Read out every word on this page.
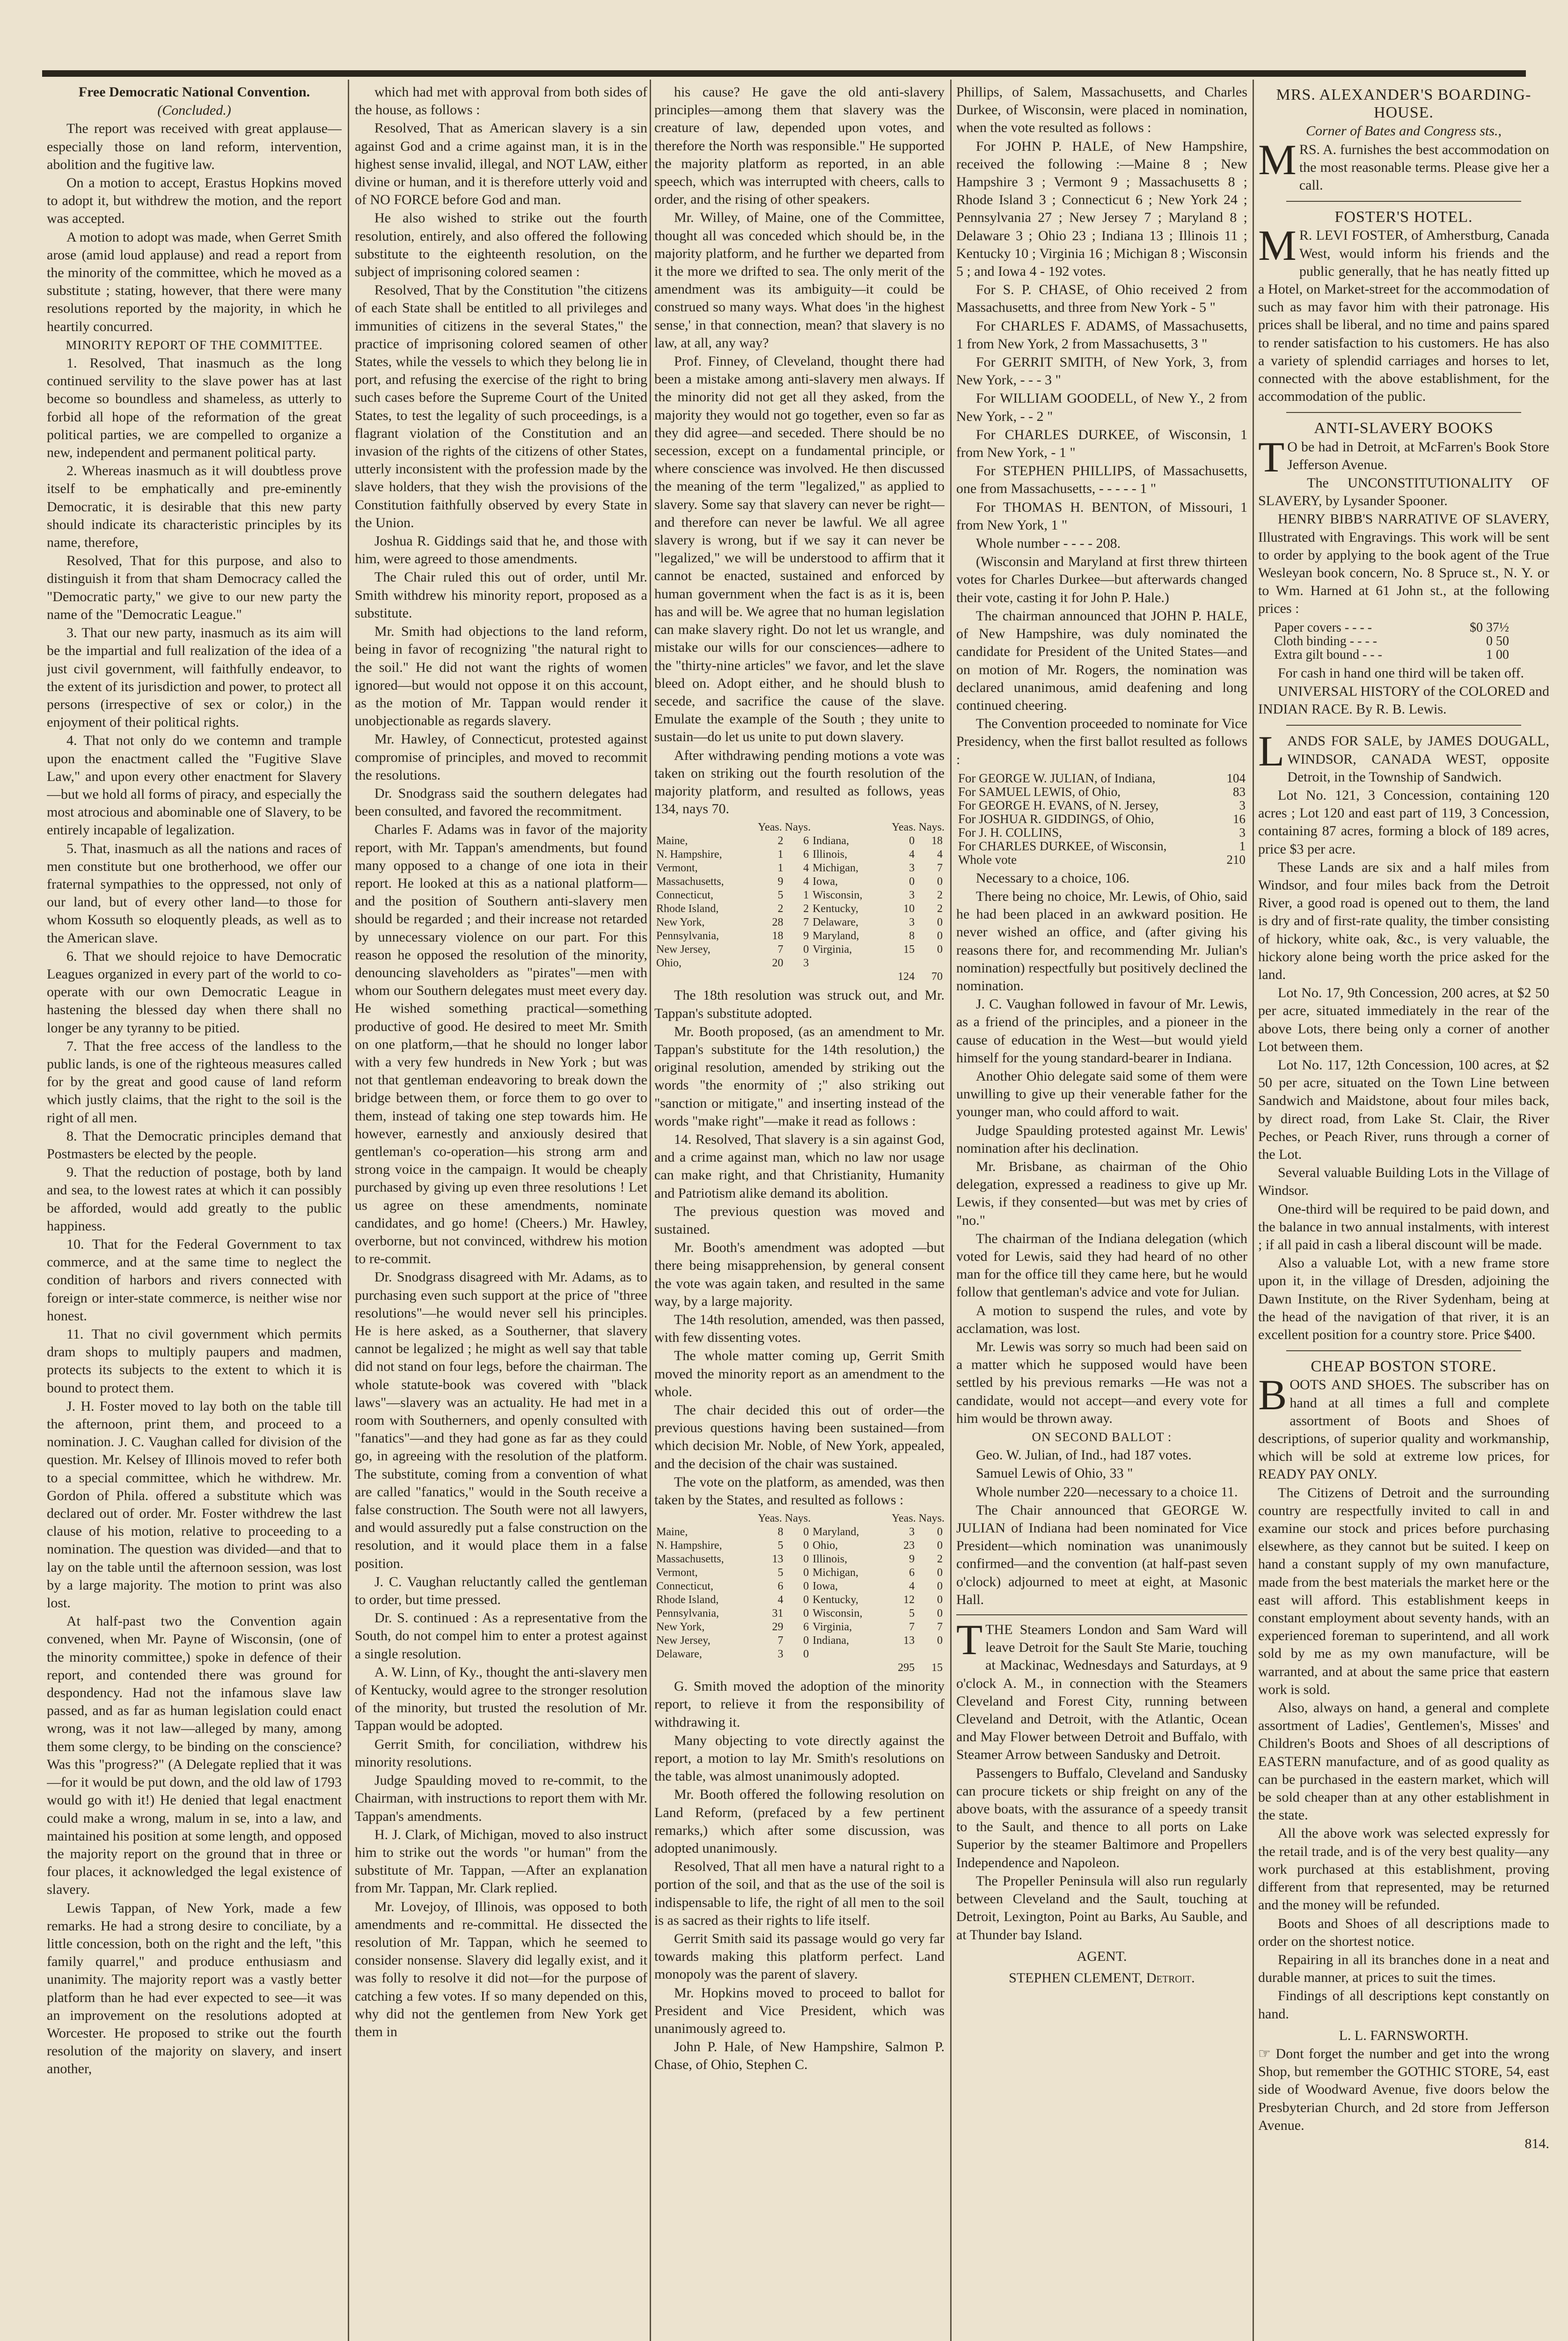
Free Democratic National Convention.

(Concluded.)

The report was received with great applause—especially those on land reform, intervention, abolition and the fugitive law.

On a motion to accept, Erastus Hopkins moved to adopt it, but withdrew the motion, and the report was accepted.

A motion to adopt was made, when Gerret Smith arose (amid loud applause) and read a report from the minority of the committee, which he moved as a substitute ; stating, however, that there were many resolutions reported by the majority, in which he heartily concurred.

MINORITY REPORT OF THE COMMITTEE.

1. Resolved, That inasmuch as the long continued servility to the slave power has at last become so boundless and shameless, as utterly to forbid all hope of the reformation of the great political parties, we are compelled to organize a new, independent and permanent political party.

2. Whereas inasmuch as it will doubtless prove itself to be emphatically and pre-eminently Democratic, it is desirable that this new party should indicate its characteristic principles by its name, therefore,

Resolved, That for this purpose, and also to distinguish it from that sham Democracy called the "Democratic party," we give to our new party the name of the "Democratic League."

3. That our new party, inasmuch as its aim will be the impartial and full realization of the idea of a just civil government, will faithfully endeavor, to the extent of its jurisdiction and power, to protect all persons (irrespective of sex or color,) in the enjoyment of their political rights.

4. That not only do we contemn and trample upon the enactment called the "Fugitive Slave Law," and upon every other enactment for Slavery—but we hold all forms of piracy, and especially the most atrocious and abominable one of Slavery, to be entirely incapable of legalization.

5. That, inasmuch as all the nations and races of men constitute but one brotherhood, we offer our fraternal sympathies to the oppressed, not only of our land, but of every other land—to those for whom Kossuth so eloquently pleads, as well as to the American slave.

6. That we should rejoice to have Democratic Leagues organized in every part of the world to co-operate with our own Democratic League in hastening the blessed day when there shall no longer be any tyranny to be pitied.

7. That the free access of the landless to the public lands, is one of the righteous measures called for by the great and good cause of land reform which justly claims, that the right to the soil is the right of all men.

8. That the Democratic principles demand that Postmasters be elected by the people.

9. That the reduction of postage, both by land and sea, to the lowest rates at which it can possibly be afforded, would add greatly to the public happiness.

10. That for the Federal Government to tax commerce, and at the same time to neglect the condition of harbors and rivers connected with foreign or inter-state commerce, is neither wise nor honest.

11. That no civil government which permits dram shops to multiply paupers and madmen, protects its subjects to the extent to which it is bound to protect them.

J. H. Foster moved to lay both on the table till the afternoon, print them, and proceed to a nomination. J. C. Vaughan called for division of the question. Mr. Kelsey of Illinois moved to refer both to a special committee, which he withdrew. Mr. Gordon of Phila. offered a substitute which was declared out of order. Mr. Foster withdrew the last clause of his motion, relative to proceeding to a nomination. The question was divided—and that to lay on the table until the afternoon session, was lost by a large majority. The motion to print was also lost.

At half-past two the Convention again convened, when Mr. Payne of Wisconsin, (one of the minority committee,) spoke in defence of their report, and contended there was ground for despondency. Had not the infamous slave law passed, and as far as human legislation could enact wrong, was it not law—alleged by many, among them some clergy, to be binding on the conscience? Was this "progress?" (A Delegate replied that it was—for it would be put down, and the old law of 1793 would go with it!) He denied that legal enactment could make a wrong, malum in se, into a law, and maintained his position at some length, and opposed the majority report on the ground that in three or four places, it acknowledged the legal existence of slavery.

Lewis Tappan, of New York, made a few remarks. He had a strong desire to conciliate, by a little concession, both on the right and the left, "this family quarrel," and produce enthusiasm and unanimity. The majority report was a vastly better platform than he had ever expected to see—it was an improvement on the resolutions adopted at Worcester. He proposed to strike out the fourth resolution of the majority on slavery, and insert another,

which had met with approval from both sides of the house, as follows :

Resolved, That as American slavery is a sin against God and a crime against man, it is in the highest sense invalid, illegal, and NOT LAW, either divine or human, and it is therefore utterly void and of NO FORCE before God and man.

He also wished to strike out the fourth resolution, entirely, and also offered the following substitute to the eighteenth resolution, on the subject of imprisoning colored seamen :

Resolved, That by the Constitution "the citizens of each State shall be entitled to all privileges and immunities of citizens in the several States," the practice of imprisoning colored seamen of other States, while the vessels to which they belong lie in port, and refusing the exercise of the right to bring such cases before the Supreme Court of the United States, to test the legality of such proceedings, is a flagrant violation of the Constitution and an invasion of the rights of the citizens of other States, utterly inconsistent with the profession made by the slave holders, that they wish the provisions of the Constitution faithfully observed by every State in the Union.

Joshua R. Giddings said that he, and those with him, were agreed to those amendments.

The Chair ruled this out of order, until Mr. Smith withdrew his minority report, proposed as a substitute.

Mr. Smith had objections to the land reform, being in favor of recognizing "the natural right to the soil." He did not want the rights of women ignored—but would not oppose it on this account, as the motion of Mr. Tappan would render it unobjectionable as regards slavery.

Mr. Hawley, of Connecticut, protested against compromise of principles, and moved to recommit the resolutions.

Dr. Snodgrass said the southern delegates had been consulted, and favored the recommitment.

Charles F. Adams was in favor of the majority report, with Mr. Tappan's amendments, but found many opposed to a change of one iota in their report. He looked at this as a national platform—and the position of Southern anti-slavery men should be regarded ; and their increase not retarded by unnecessary violence on our part. For this reason he opposed the resolution of the minority, denouncing slaveholders as "pirates"—men with whom our Southern delegates must meet every day. He wished something practical—something productive of good. He desired to meet Mr. Smith on one platform,—that he should no longer labor with a very few hundreds in New York ; but was not that gentleman endeavoring to break down the bridge between them, or force them to go over to them, instead of taking one step towards him. He however, earnestly and anxiously desired that gentleman's co-operation—his strong arm and strong voice in the campaign. It would be cheaply purchased by giving up even three resolutions ! Let us agree on these amendments, nominate candidates, and go home! (Cheers.) Mr. Hawley, overborne, but not convinced, withdrew his motion to re-commit.

Dr. Snodgrass disagreed with Mr. Adams, as to purchasing even such support at the price of "three resolutions"—he would never sell his principles. He is here asked, as a Southerner, that slavery cannot be legalized ; he might as well say that table did not stand on four legs, before the chairman. The whole statute-book was covered with "black laws"—slavery was an actuality. He had met in a room with Southerners, and openly consulted with "fanatics"—and they had gone as far as they could go, in agreeing with the resolution of the platform. The substitute, coming from a convention of what are called "fanatics," would in the South receive a false construction. The South were not all lawyers, and would assuredly put a false construction on the resolution, and it would place them in a false position.

J. C. Vaughan reluctantly called the gentleman to order, but time pressed.

Dr. S. continued : As a representative from the South, do not compel him to enter a protest against a single resolution.

A. W. Linn, of Ky., thought the anti-slavery men of Kentucky, would agree to the stronger resolution of the minority, but trusted the resolution of Mr. Tappan would be adopted.

Gerrit Smith, for conciliation, withdrew his minority resolutions.

Judge Spaulding moved to re-commit, to the Chairman, with instructions to report them with Mr. Tappan's amendments.

H. J. Clark, of Michigan, moved to also instruct him to strike out the words "or human" from the substitute of Mr. Tappan, —After an explanation from Mr. Tappan, Mr. Clark replied.

Mr. Lovejoy, of Illinois, was opposed to both amendments and re-committal. He dissected the resolution of Mr. Tappan, which he seemed to consider nonsense. Slavery did legally exist, and it was folly to resolve it did not—for the purpose of catching a few votes. If so many depended on this, why did not the gentlemen from New York get them in

his cause? He gave the old anti-slavery principles—among them that slavery was the creature of law, depended upon votes, and therefore the North was responsible." He supported the majority platform as reported, in an able speech, which was interrupted with cheers, calls to order, and the rising of other speakers.

Mr. Willey, of Maine, one of the Committee, thought all was conceded which should be, in the majority platform, and he further we departed from it the more we drifted to sea. The only merit of the amendment was its ambiguity—it could be construed so many ways. What does 'in the highest sense,' in that connection, mean? that slavery is no law, at all, any way?

Prof. Finney, of Cleveland, thought there had been a mistake among anti-slavery men always. If the minority did not get all they asked, from the majority they would not go together, even so far as they did agree—and seceded. There should be no secession, except on a fundamental principle, or where conscience was involved. He then discussed the meaning of the term "legalized," as applied to slavery. Some say that slavery can never be right—and therefore can never be lawful. We all agree slavery is wrong, but if we say it can never be "legalized," we will be understood to affirm that it cannot be enacted, sustained and enforced by human government when the fact is as it is, been has and will be. We agree that no human legislation can make slavery right. Do not let us wrangle, and mistake our wills for our consciences—adhere to the "thirty-nine articles" we favor, and let the slave bleed on. Adopt either, and he should blush to secede, and sacrifice the cause of the slave. Emulate the example of the South ; they unite to sustain—do let us unite to put down slavery.

After withdrawing pending motions a vote was taken on striking out the fourth resolution of the majority platform, and resulted as follows, yeas 134, nays 70.

	Yeas. Nays.			Yeas. Nays.	
Maine,	2	6	Indiana,	0	18
N. Hampshire,	1	6	Illinois,	4	4
Vermont,	1	4	Michigan,	3	7
Massachusetts,	9	4	Iowa,	0	0
Connecticut,	5	1	Wisconsin,	3	2
Rhode Island,	2	2	Kentucky,	10	2
New York,	28	7	Delaware,	3	0
Pennsylvania,	18	9	Maryland,	8	0
New Jersey,	7	0	Virginia,	15	0
Ohio,	20	3			
				124	70

The 18th resolution was struck out, and Mr. Tappan's substitute adopted.

Mr. Booth proposed, (as an amendment to Mr. Tappan's substitute for the 14th resolution,) the original resolution, amended by striking out the words "the enormity of ;" also striking out "sanction or mitigate," and inserting instead of the words "make right"—make it read as follows :

14. Resolved, That slavery is a sin against God, and a crime against man, which no law nor usage can make right, and that Christianity, Humanity and Patriotism alike demand its abolition.

The previous question was moved and sustained.

Mr. Booth's amendment was adopted —but there being misapprehension, by general consent the vote was again taken, and resulted in the same way, by a large majority.

The 14th resolution, amended, was then passed, with few dissenting votes.

The whole matter coming up, Gerrit Smith moved the minority report as an amendment to the whole.

The chair decided this out of order—the previous questions having been sustained—from which decision Mr. Noble, of New York, appealed, and the decision of the chair was sustained.

The vote on the platform, as amended, was then taken by the States, and resulted as follows :

	Yeas. Nays.			Yeas. Nays.	
Maine,	8	0	Maryland,	3	0
N. Hampshire,	5	0	Ohio,	23	0
Massachusetts,	13	0	Illinois,	9	2
Vermont,	5	0	Michigan,	6	0
Connecticut,	6	0	Iowa,	4	0
Rhode Island,	4	0	Kentucky,	12	0
Pennsylvania,	31	0	Wisconsin,	5	0
New York,	29	6	Virginia,	7	7
New Jersey,	7	0	Indiana,	13	0
Delaware,	3	0			
				295	15

G. Smith moved the adoption of the minority report, to relieve it from the responsibility of withdrawing it.

Many objecting to vote directly against the report, a motion to lay Mr. Smith's resolutions on the table, was almost unanimously adopted.

Mr. Booth offered the following resolution on Land Reform, (prefaced by a few pertinent remarks,) which after some discussion, was adopted unanimously.

Resolved, That all men have a natural right to a portion of the soil, and that as the use of the soil is indispensable to life, the right of all men to the soil is as sacred as their rights to life itself.

Gerrit Smith said its passage would go very far towards making this platform perfect. Land monopoly was the parent of slavery.

Mr. Hopkins moved to proceed to ballot for President and Vice President, which was unanimously agreed to.

John P. Hale, of New Hampshire, Salmon P. Chase, of Ohio, Stephen C.

Phillips, of Salem, Massachusetts, and Charles Durkee, of Wisconsin, were placed in nomination, when the vote resulted as follows :

For JOHN P. HALE, of New Hampshire, received the following :—Maine 8 ; New Hampshire 3 ; Vermont 9 ; Massachusetts 8 ; Rhode Island 3 ; Connecticut 6 ; New York 24 ; Pennsylvania 27 ; New Jersey 7 ; Maryland 8 ; Delaware 3 ; Ohio 23 ; Indiana 13 ; Illinois 11 ; Kentucky 10 ; Virginia 16 ; Michigan 8 ; Wisconsin 5 ; and Iowa 4 - 192 votes.

For S. P. CHASE, of Ohio received 2 from Massachusetts, and three from New York - 5 "

For CHARLES F. ADAMS, of Massachusetts, 1 from New York, 2 from Massachusetts, 3 "

For GERRIT SMITH, of New York, 3, from New York, - - - 3 "

For WILLIAM GOODELL, of New Y., 2 from New York, - - 2 "

For CHARLES DURKEE, of Wisconsin, 1 from New York, - 1 "

For STEPHEN PHILLIPS, of Massachusetts, one from Massachusetts, - - - - - 1 "

For THOMAS H. BENTON, of Missouri, 1 from New York, 1 "

Whole number - - - - 208.

(Wisconsin and Maryland at first threw thirteen votes for Charles Durkee—but afterwards changed their vote, casting it for John P. Hale.)

The chairman announced that JOHN P. HALE, of New Hampshire, was duly nominated the candidate for President of the United States—and on motion of Mr. Rogers, the nomination was declared unanimous, amid deafening and long continued cheering.

The Convention proceeded to nominate for Vice Presidency, when the first ballot resulted as follows :

For GEORGE W. JULIAN, of Indiana,	104
For SAMUEL LEWIS, of Ohio,	83
For GEORGE H. EVANS, of N. Jersey,	3
For JOSHUA R. GIDDINGS, of Ohio,	16
For J. H. COLLINS,	3
For CHARLES DURKEE, of Wisconsin,	1
Whole vote	210

Necessary to a choice, 106.

There being no choice, Mr. Lewis, of Ohio, said he had been placed in an awkward position. He never wished an office, and (after giving his reasons there for, and recommending Mr. Julian's nomination) respectfully but positively declined the nomination.

J. C. Vaughan followed in favour of Mr. Lewis, as a friend of the principles, and a pioneer in the cause of education in the West—but would yield himself for the young standard-bearer in Indiana.

Another Ohio delegate said some of them were unwilling to give up their venerable father for the younger man, who could afford to wait.

Judge Spaulding protested against Mr. Lewis' nomination after his declination.

Mr. Brisbane, as chairman of the Ohio delegation, expressed a readiness to give up Mr. Lewis, if they consented—but was met by cries of "no."

The chairman of the Indiana delegation (which voted for Lewis, said they had heard of no other man for the office till they came here, but he would follow that gentleman's advice and vote for Julian.

A motion to suspend the rules, and vote by acclamation, was lost.

Mr. Lewis was sorry so much had been said on a matter which he supposed would have been settled by his previous remarks —He was not a candidate, would not accept—and every vote for him would be thrown away.

ON SECOND BALLOT :

Geo. W. Julian, of Ind., had 187 votes.

Samuel Lewis of Ohio, 33 "

Whole number 220—necessary to a choice 11.

The Chair announced that GEORGE W. JULIAN of Indiana had been nominated for Vice President—which nomination was unanimously confirmed—and the convention (at half-past seven o'clock) adjourned to meet at eight, at Masonic Hall.

TTHE Steamers London and Sam Ward will leave Detroit for the Sault Ste Marie, touching at Mackinac, Wednesdays and Saturdays, at 9 o'clock A. M., in connection with the Steamers Cleveland and Forest City, running between Cleveland and Detroit, with the Atlantic, Ocean and May Flower between Detroit and Buffalo, with Steamer Arrow between Sandusky and Detroit.

Passengers to Buffalo, Cleveland and Sandusky can procure tickets or ship freight on any of the above boats, with the assurance of a speedy transit to the Sault, and thence to all ports on Lake Superior by the steamer Baltimore and Propellers Independence and Napoleon.

The Propeller Peninsula will also run regularly between Cleveland and the Sault, touching at Detroit, Lexington, Point au Barks, Au Sauble, and at Thunder bay Island.

AGENT.

STEPHEN CLEMENT, Detroit.

MRS. ALEXANDER'S BOARDING-HOUSE.

Corner of Bates and Congress sts.,

MRS. A. furnishes the best accommodation on the most reasonable terms. Please give her a call.

FOSTER'S HOTEL.

M R. LEVI FOSTER, of Amherstburg, Canada West, would inform his friends and the public generally, that he has neatly fitted up a Hotel, on Market-street for the accommodation of such as may favor him with their patronage. His prices shall be liberal, and no time and pains spared to render satisfaction to his customers. He has also a variety of splendid carriages and horses to let, connected with the above establishment, for the accommodation of the public.

ANTI-SLAVERY BOOKS

T O be had in Detroit, at McFarren's Book Store Jefferson Avenue.

The UNCONSTITUTIONALITY OF SLAVERY, by Lysander Spooner.

HENRY BIBB'S NARRATIVE OF SLAVERY, Illustrated with Engravings. This work will be sent to order by applying to the book agent of the True Wesleyan book concern, No. 8 Spruce st., N. Y. or to Wm. Harned at 61 John st., at the following prices :

Paper covers - - - -	$0 37½
Cloth binding - - - -	0 50
Extra gilt bound - - -	1 00

For cash in hand one third will be taken off.

UNIVERSAL HISTORY of the COLORED and INDIAN RACE. By R. B. Lewis.

LANDS FOR SALE, by JAMES DOUGALL, WINDSOR, CANADA WEST, opposite Detroit, in the Township of Sandwich.

Lot No. 121, 3 Concession, containing 120 acres ; Lot 120 and east part of 119, 3 Concession, containing 87 acres, forming a block of 189 acres, price $3 per acre.

These Lands are six and a half miles from Windsor, and four miles back from the Detroit River, a good road is opened out to them, the land is dry and of first-rate quality, the timber consisting of hickory, white oak, &c., is very valuable, the hickory alone being worth the price asked for the land.

Lot No. 17, 9th Concession, 200 acres, at $2 50 per acre, situated immediately in the rear of the above Lots, there being only a corner of another Lot between them.

Lot No. 117, 12th Concession, 100 acres, at $2 50 per acre, situated on the Town Line between Sandwich and Maidstone, about four miles back, by direct road, from Lake St. Clair, the River Peches, or Peach River, runs through a corner of the Lot.

Several valuable Building Lots in the Village of Windsor.

One-third will be required to be paid down, and the balance in two annual instalments, with interest ; if all paid in cash a liberal discount will be made.

Also a valuable Lot, with a new frame store upon it, in the village of Dresden, adjoining the Dawn Institute, on the River Sydenham, being at the head of the navigation of that river, it is an excellent position for a country store. Price $400.

CHEAP BOSTON STORE.

BOOTS AND SHOES. The subscriber has on hand at all times a full and complete assortment of Boots and Shoes of descriptions, of superior quality and workmanship, which will be sold at extreme low prices, for READY PAY ONLY.

The Citizens of Detroit and the surrounding country are respectfully invited to call in and examine our stock and prices before purchasing elsewhere, as they cannot but be suited. I keep on hand a constant supply of my own manufacture, made from the best materials the market here or the east will afford. This establishment keeps in constant employment about seventy hands, with an experienced foreman to superintend, and all work sold by me as my own manufacture, will be warranted, and at about the same price that eastern work is sold.

Also, always on hand, a general and complete assortment of Ladies', Gentlemen's, Misses' and Children's Boots and Shoes of all descriptions of EASTERN manufacture, and of as good quality as can be purchased in the eastern market, which will be sold cheaper than at any other establishment in the state.

All the above work was selected expressly for the retail trade, and is of the very best quality—any work purchased at this establishment, proving different from that represented, may be returned and the money will be refunded.

Boots and Shoes of all descriptions made to order on the shortest notice.

Repairing in all its branches done in a neat and durable manner, at prices to suit the times.

Findings of all descriptions kept constantly on hand.

L. L. FARNSWORTH.

☞ Dont forget the number and get into the wrong Shop, but remember the GOTHIC STORE, 54, east side of Woodward Avenue, five doors below the Presbyterian Church, and 2d store from Jefferson Avenue.

814.
